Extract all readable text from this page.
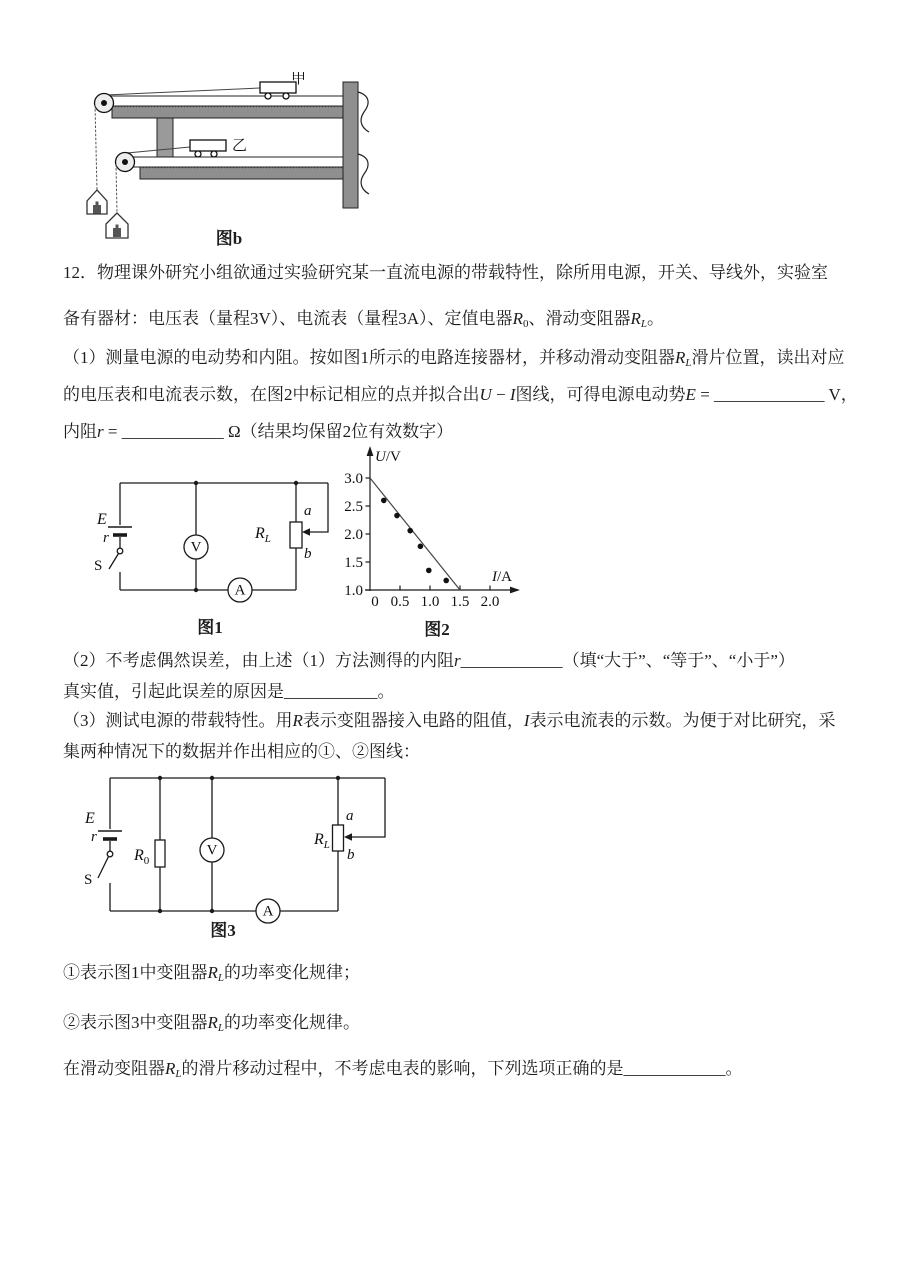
甲
乙
图b
12．物理课外研究小组欲通过实验研究某一直流电源的带载特性，除所用电源，开关、导线外，实验室
备有器材：电压表（量程3V）、电流表（量程3A）、定值电器$R_0$、滑动变阻器$R_L$。
（1）测量电源的电动势和内阻。按如图1所示的电路连接器材，并移动滑动变阻器$R_L$滑片位置，读出对应
的电压表和电流表示数，在图2中标记相应的点并拟合出U − I图线，可得电源电动势E = _____________ V，
内阻r = ____________ Ω（结果均保留2位有效数字）
E
r
S
V
A
$R_L$
a
b
图1
1.0
1.5
2.0
2.5
3.0
0 0.5 1.0 1.5 2.0
U/V
I/A
图2
（2）不考虑偶然误差，由上述（1）方法测得的内阻r____________（填“大于”、“等于”、“小于”）
真实值，引起此误差的原因是___________。
（3）测试电源的带载特性。用R表示变阻器接入电路的阻值，I表示电流表的示数。为便于对比研究，采
集两种情况下的数据并作出相应的①、②图线：
E
r
S
$R_0$
V
A
$R_L$
a
b
图3
①表示图1中变阻器$R_L$的功率变化规律；
②表示图3中变阻器$R_L$的功率变化规律。
在滑动变阻器$R_L$的滑片移动过程中，不考虑电表的影响，下列选项正确的是____________。
